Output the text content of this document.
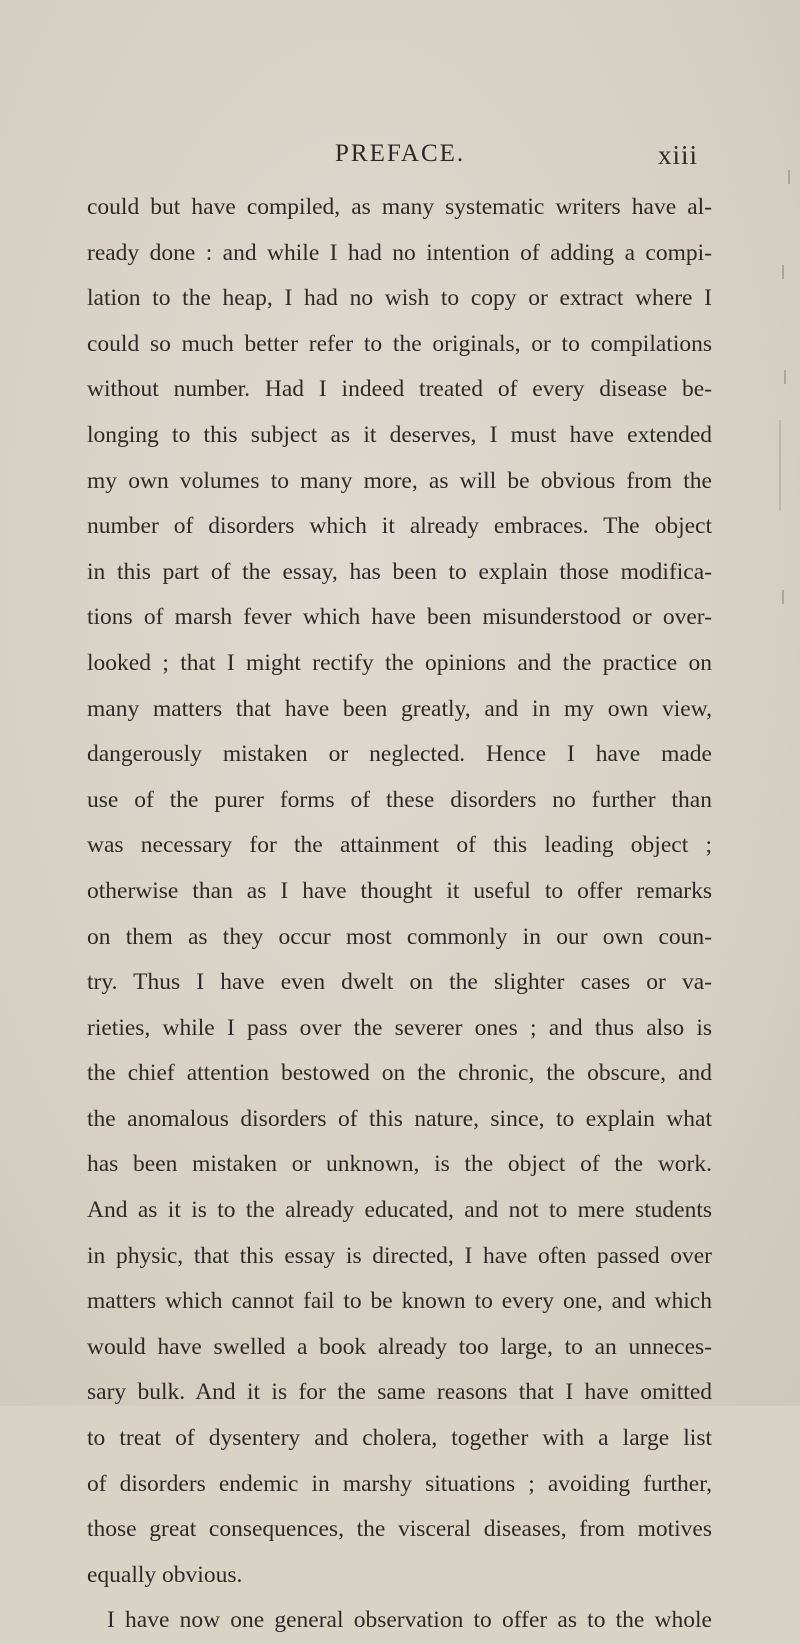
PREFACE.	xiii
could but have compiled, as many systematic writers have al-
ready done : and while I had no intention of adding a compi-
lation to the heap, I had no wish to copy or extract where I
could so much better refer to the originals, or to compilations
without number. Had I indeed treated of every disease be-
longing to this subject as it deserves, I must have extended
my own volumes to many more, as will be obvious from the
number of disorders which it already embraces. The object
in this part of the essay, has been to explain those modifica-
tions of marsh fever which have been misunderstood or over-
looked ; that I might rectify the opinions and the practice on
many matters that have been greatly, and in my own view,
dangerously mistaken or neglected. Hence I have made
use of the purer forms of these disorders no further than
was necessary for the attainment of this leading object ;
otherwise than as I have thought it useful to offer remarks
on them as they occur most commonly in our own coun-
try. Thus I have even dwelt on the slighter cases or va-
rieties, while I pass over the severer ones ; and thus also is
the chief attention bestowed on the chronic, the obscure, and
the anomalous disorders of this nature, since, to explain what
has been mistaken or unknown, is the object of the work.
And as it is to the already educated, and not to mere students
in physic, that this essay is directed, I have often passed over
matters which cannot fail to be known to every one, and which
would have swelled a book already too large, to an unneces-
sary bulk. And it is for the same reasons that I have omitted
to treat of dysentery and cholera, together with a large list
of disorders endemic in marshy situations ; avoiding further,
those great consequences, the visceral diseases, from motives
equally obvious.
I have now one general observation to offer as to the whole
